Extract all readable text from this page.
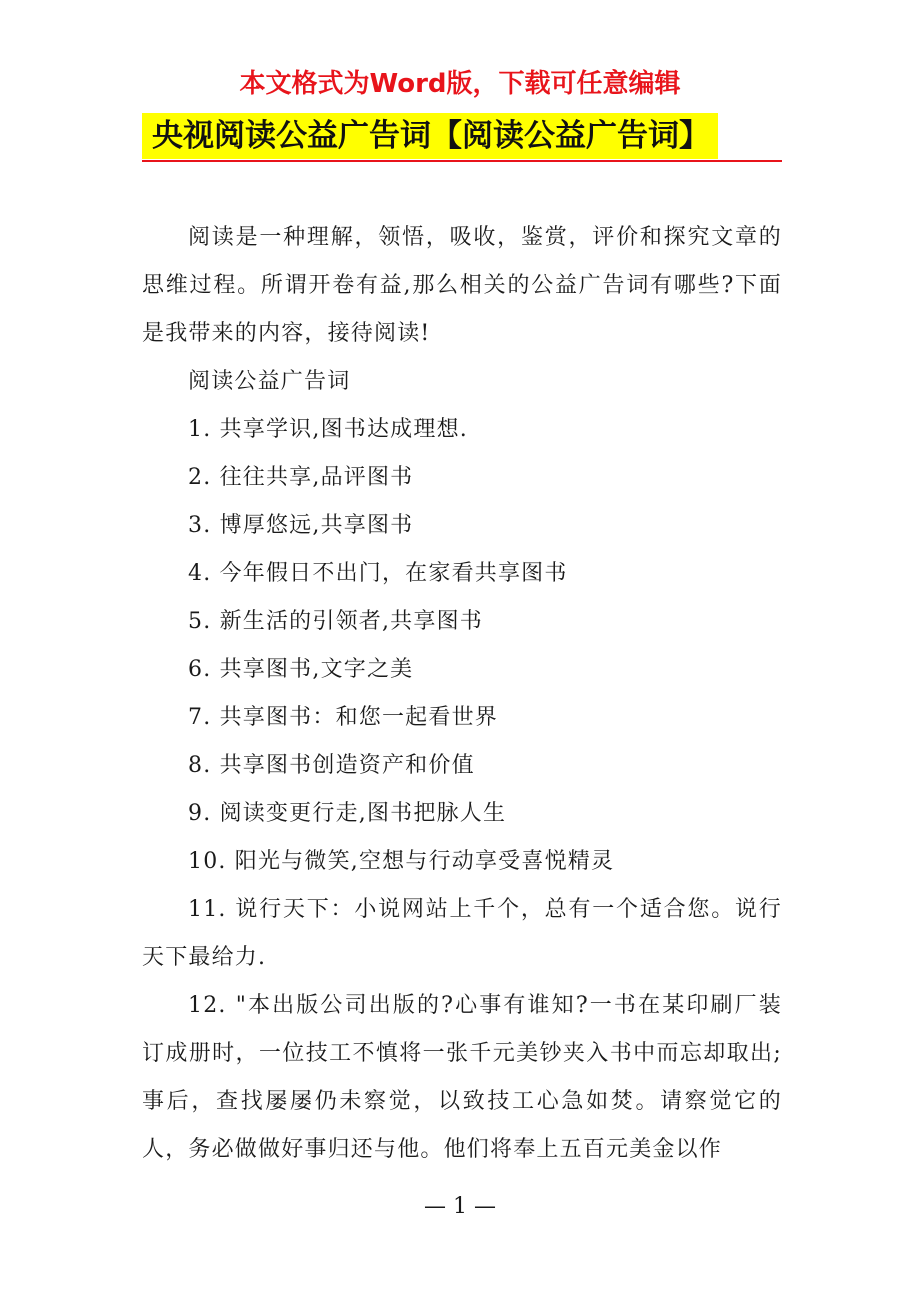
本文格式为Word版，下载可任意编辑
央视阅读公益广告词【阅读公益广告词】

阅读是一种理解，领悟，吸收，鉴赏，评价和探究文章的思维过程。所谓开卷有益,那么相关的公益广告词有哪些?下面是我带来的内容，接待阅读!

阅读公益广告词

1. 共享学识,图书达成理想.

2. 往往共享,品评图书

3. 博厚悠远,共享图书

4. 今年假日不出门，在家看共享图书

5. 新生活的引领者,共享图书

6. 共享图书,文字之美

7. 共享图书：和您一起看世界

8. 共享图书创造资产和价值

9. 阅读变更行走,图书把脉人生

10. 阳光与微笑,空想与行动享受喜悦精灵

11. 说行天下：小说网站上千个，总有一个适合您。说行天下最给力.

12. "本出版公司出版的?心事有谁知?一书在某印刷厂装订成册时，一位技工不慎将一张千元美钞夹入书中而忘却取出;事后，查找屡屡仍未察觉，以致技工心急如焚。请察觉它的人，务必做做好事归还与他。他们将奉上五百元美金以作

— 1 —
